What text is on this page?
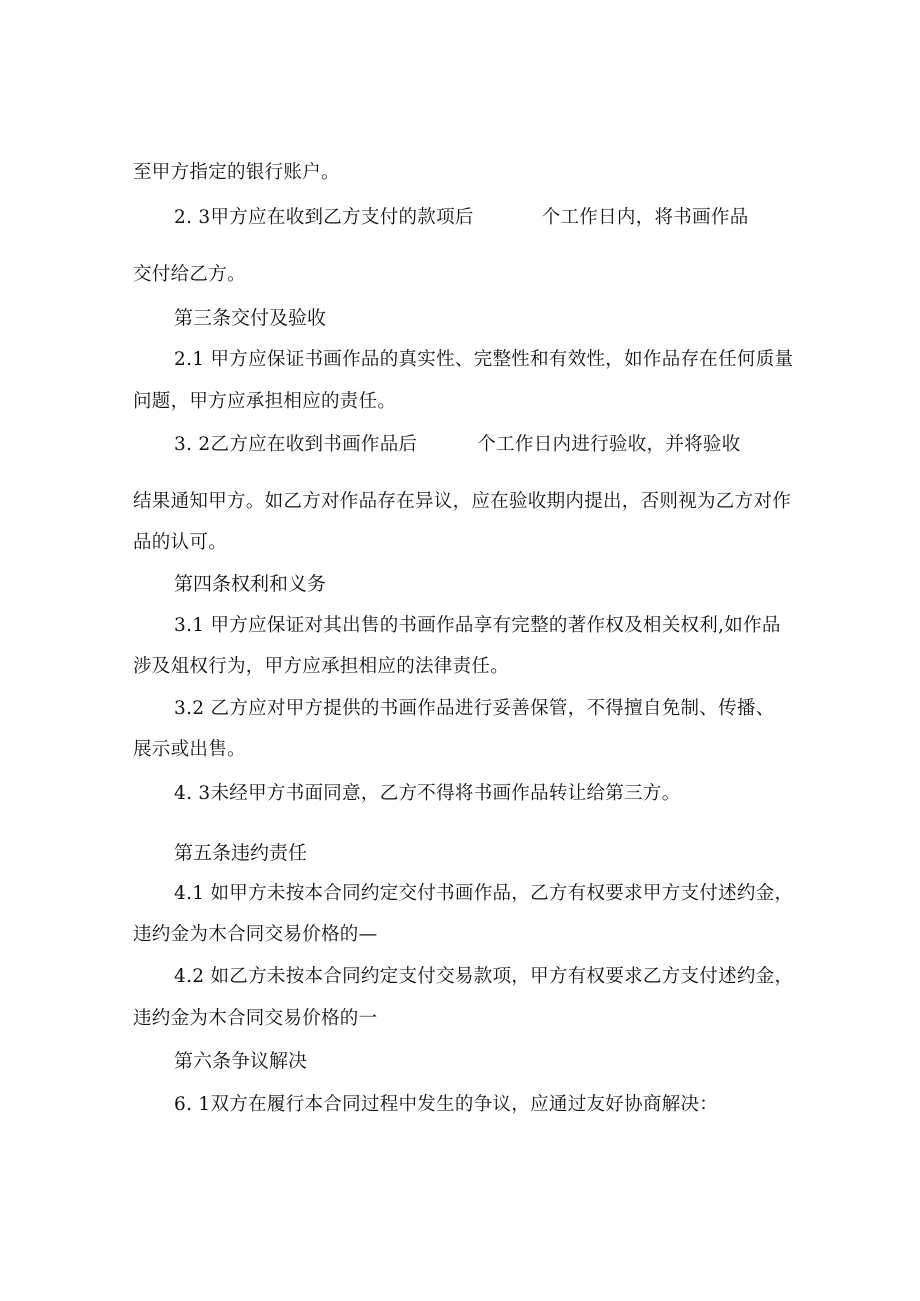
至甲方指定的银行账户。
2. 3甲方应在收到乙方支付的款项后	个工作日内，将书画作品
交付给乙方。
第三条交付及验收
2.1 甲方应保证书画作品的真实性、完整性和有效性，如作品存在任何质量
问题，甲方应承担相应的责任。
3. 2乙方应在收到书画作品后	个工作日内进行验收，并将验收
结果通知甲方。如乙方对作品存在异议，应在验收期内提出，否则视为乙方对作
品的认可。
第四条权利和义务
3.1 甲方应保证对其出售的书画作品享有完整的著作权及相关权利,如作品
涉及俎权行为，甲方应承担相应的法律责任。
3.2 乙方应对甲方提供的书画作品进行妥善保管，不得擅自免制、传播、
展示或出售。
4. 3未经甲方书面同意，乙方不得将书画作品转让给第三方。
第五条违约责任
4.1 如甲方未按本合同约定交付书画作品，乙方有权要求甲方支付述约金，
违约金为木合同交易价格的—
4.2 如乙方未按本合同约定支付交易款项，甲方有权要求乙方支付述约金，
违约金为木合同交易价格的一
第六条争议解决
6. 1双方在履行本合同过程中发生的争议，应通过友好协商解决：
